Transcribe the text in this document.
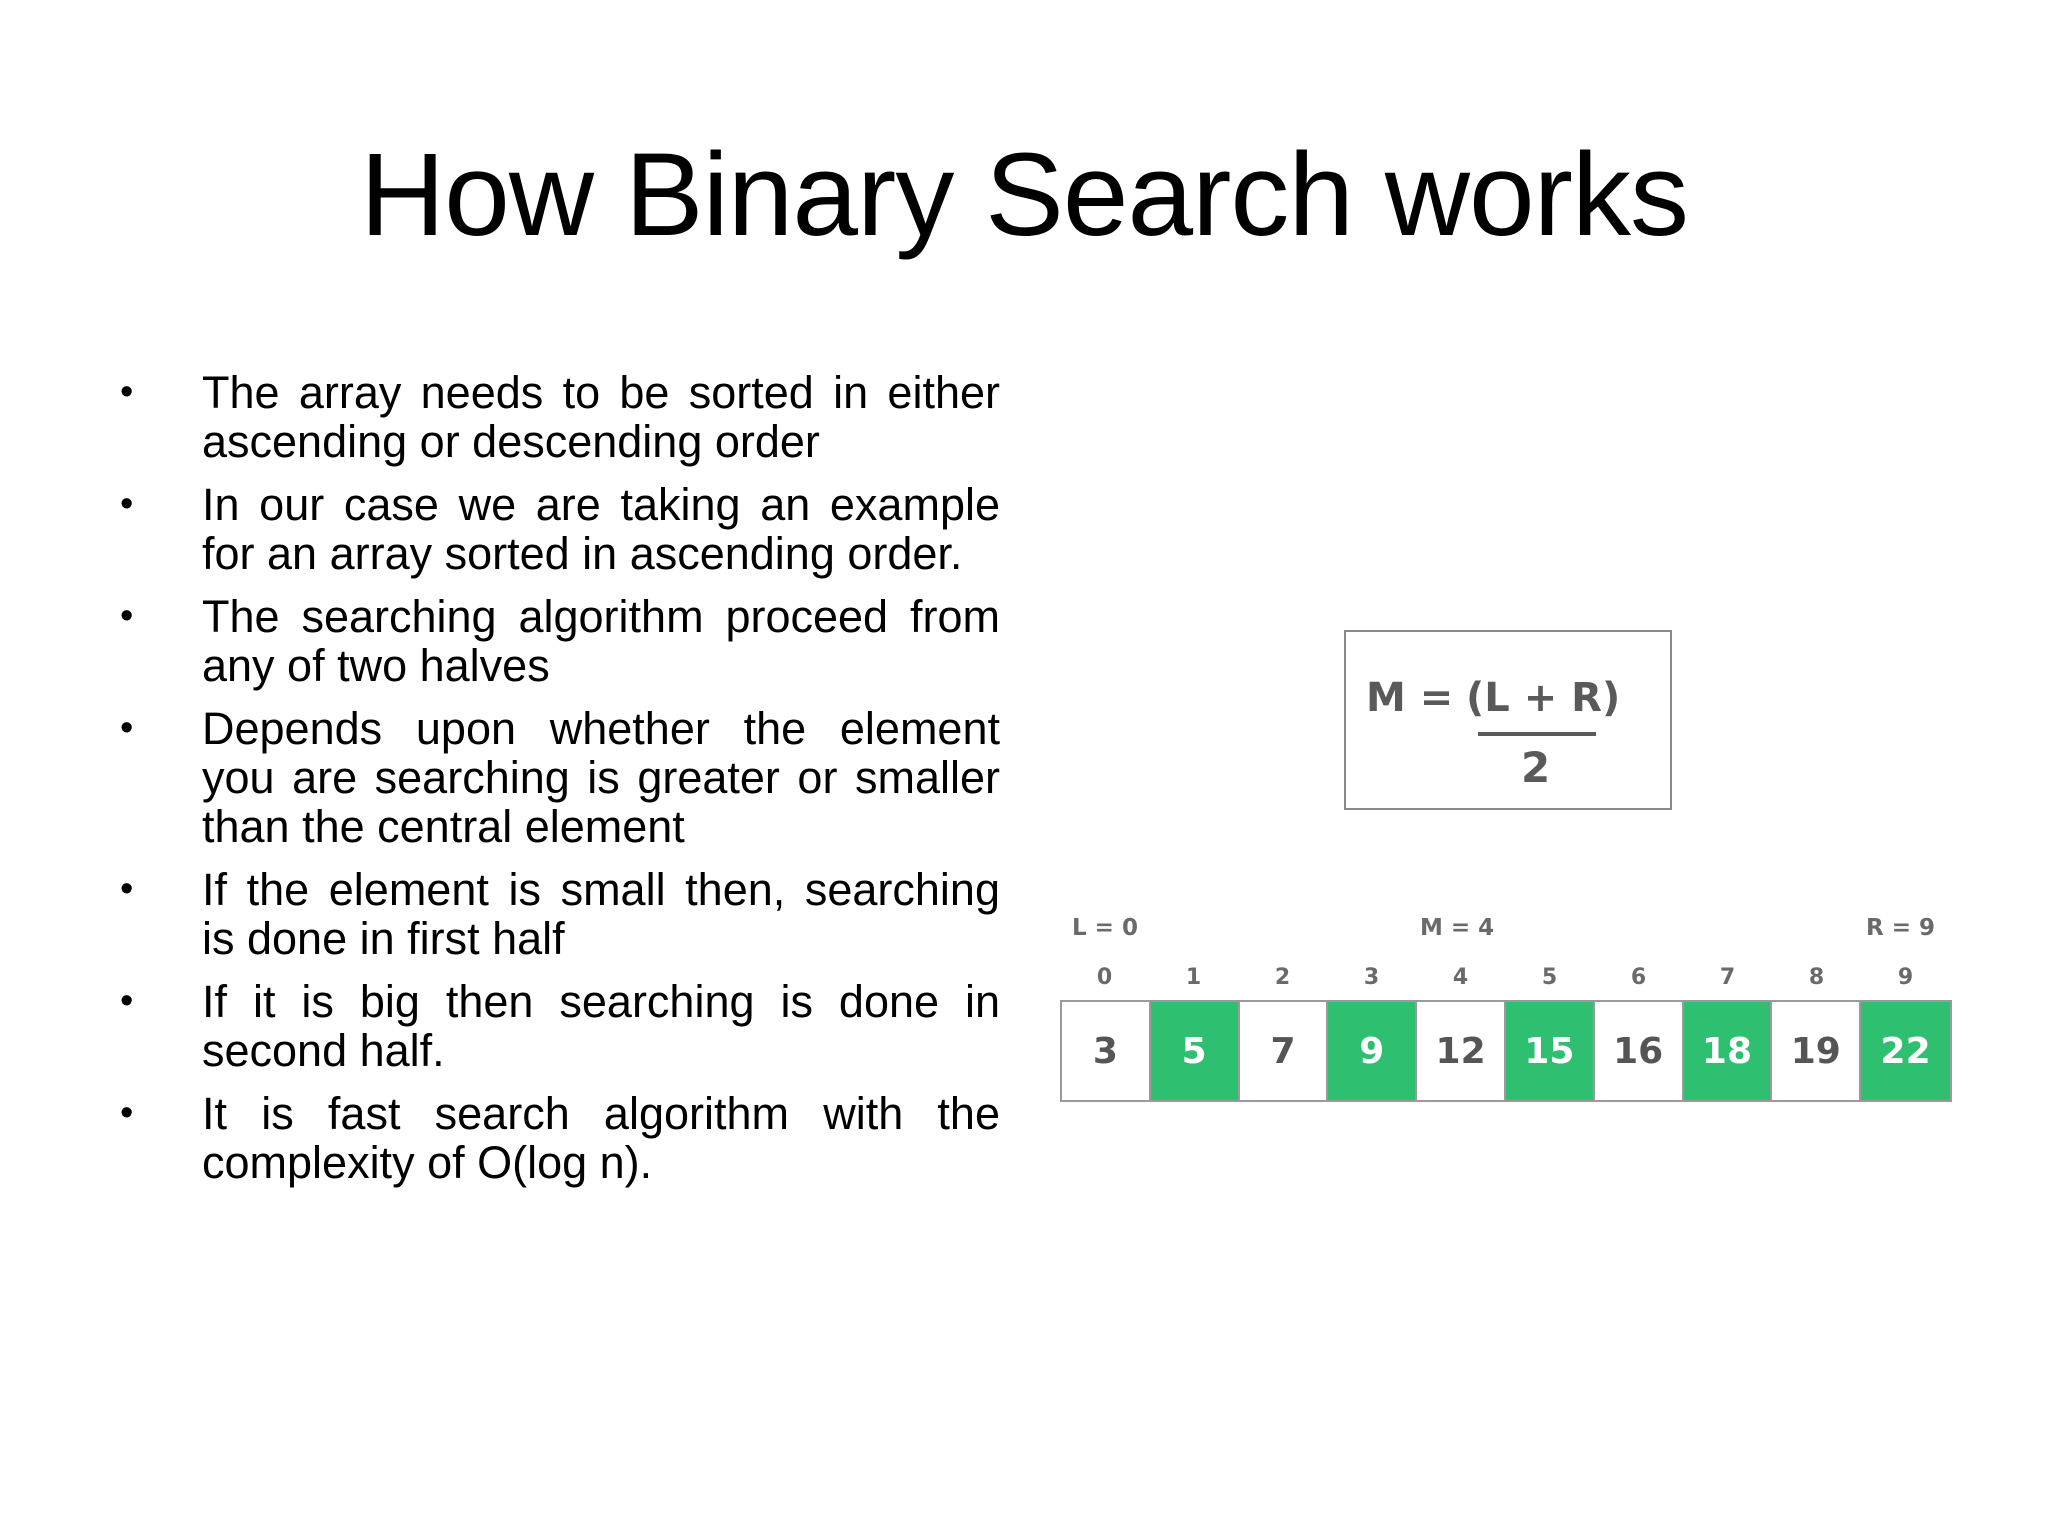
How Binary Search works
•	The array needs to be sorted in either ascending or descending order
•	In our case we are taking an example for an array sorted in ascending order.
•	The searching algorithm proceed from any of two halves
•	Depends upon whether the element you are searching is greater or smaller than the central element
•	If the element is small then, searching is done in first half
•	If it is big then searching is done in second half.
•	It is fast search algorithm with the complexity of O(log n).
M = (L + R)
2
L = 0	M = 4	R = 9
0	1	2	3	4	5	6	7	8	9
3	5	7	9	12	15	16	18	19	22
